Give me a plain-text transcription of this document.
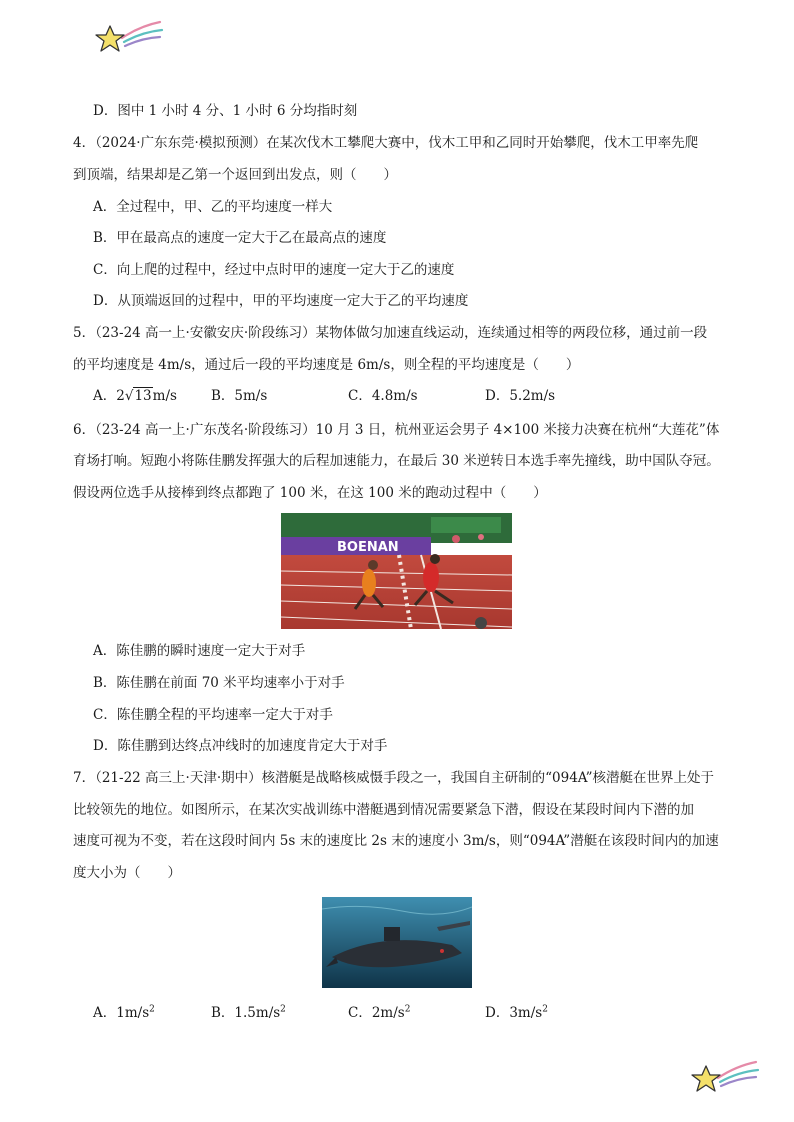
D．图中 1 小时 4 分、1 小时 6 分均指时刻
4．（2024·广东东莞·模拟预测）在某次伐木工攀爬大赛中，伐木工甲和乙同时开始攀爬，伐木工甲率先爬
到顶端，结果却是乙第一个返回到出发点，则（　　）
A．全过程中，甲、乙的平均速度一样大
B．甲在最高点的速度一定大于乙在最高点的速度
C．向上爬的过程中，经过中点时甲的速度一定大于乙的速度
D．从顶端返回的过程中，甲的平均速度一定大于乙的平均速度
5．（23-24 高一上·安徽安庆·阶段练习）某物体做匀加速直线运动，连续通过相等的两段位移，通过前一段
的平均速度是 4m/s，通过后一段的平均速度是 6m/s，则全程的平均速度是（　　）
A．2√13m/s	B．5m/s	C．4.8m/s	D．5.2m/s
6．（23-24 高一上·广东茂名·阶段练习）10 月 3 日，杭州亚运会男子 4×100 米接力决赛在杭州“大莲花”体
育场打响。短跑小将陈佳鹏发挥强大的后程加速能力，在最后 30 米逆转日本选手率先撞线，助中国队夺冠。
假设两位选手从接棒到终点都跑了 100 米，在这 100 米的跑动过程中（　　）
BOENAN
A．陈佳鹏的瞬时速度一定大于对手
B．陈佳鹏在前面 70 米平均速率小于对手
C．陈佳鹏全程的平均速率一定大于对手
D．陈佳鹏到达终点冲线时的加速度肯定大于对手
7．（21-22 高三上·天津·期中）核潜艇是战略核威慑手段之一，我国自主研制的“094A”核潜艇在世界上处于
比较领先的地位。如图所示，在某次实战训练中潜艇遇到情况需要紧急下潜，假设在某段时间内下潜的加
速度可视为不变，若在这段时间内 5s 末的速度比 2s 末的速度小 3m/s，则“094A”潜艇在该段时间内的加速
度大小为（　　）
A．$1m/s^2$	B．$1.5m/s^2$	C．$2m/s^2$	D．$3m/s^2$
